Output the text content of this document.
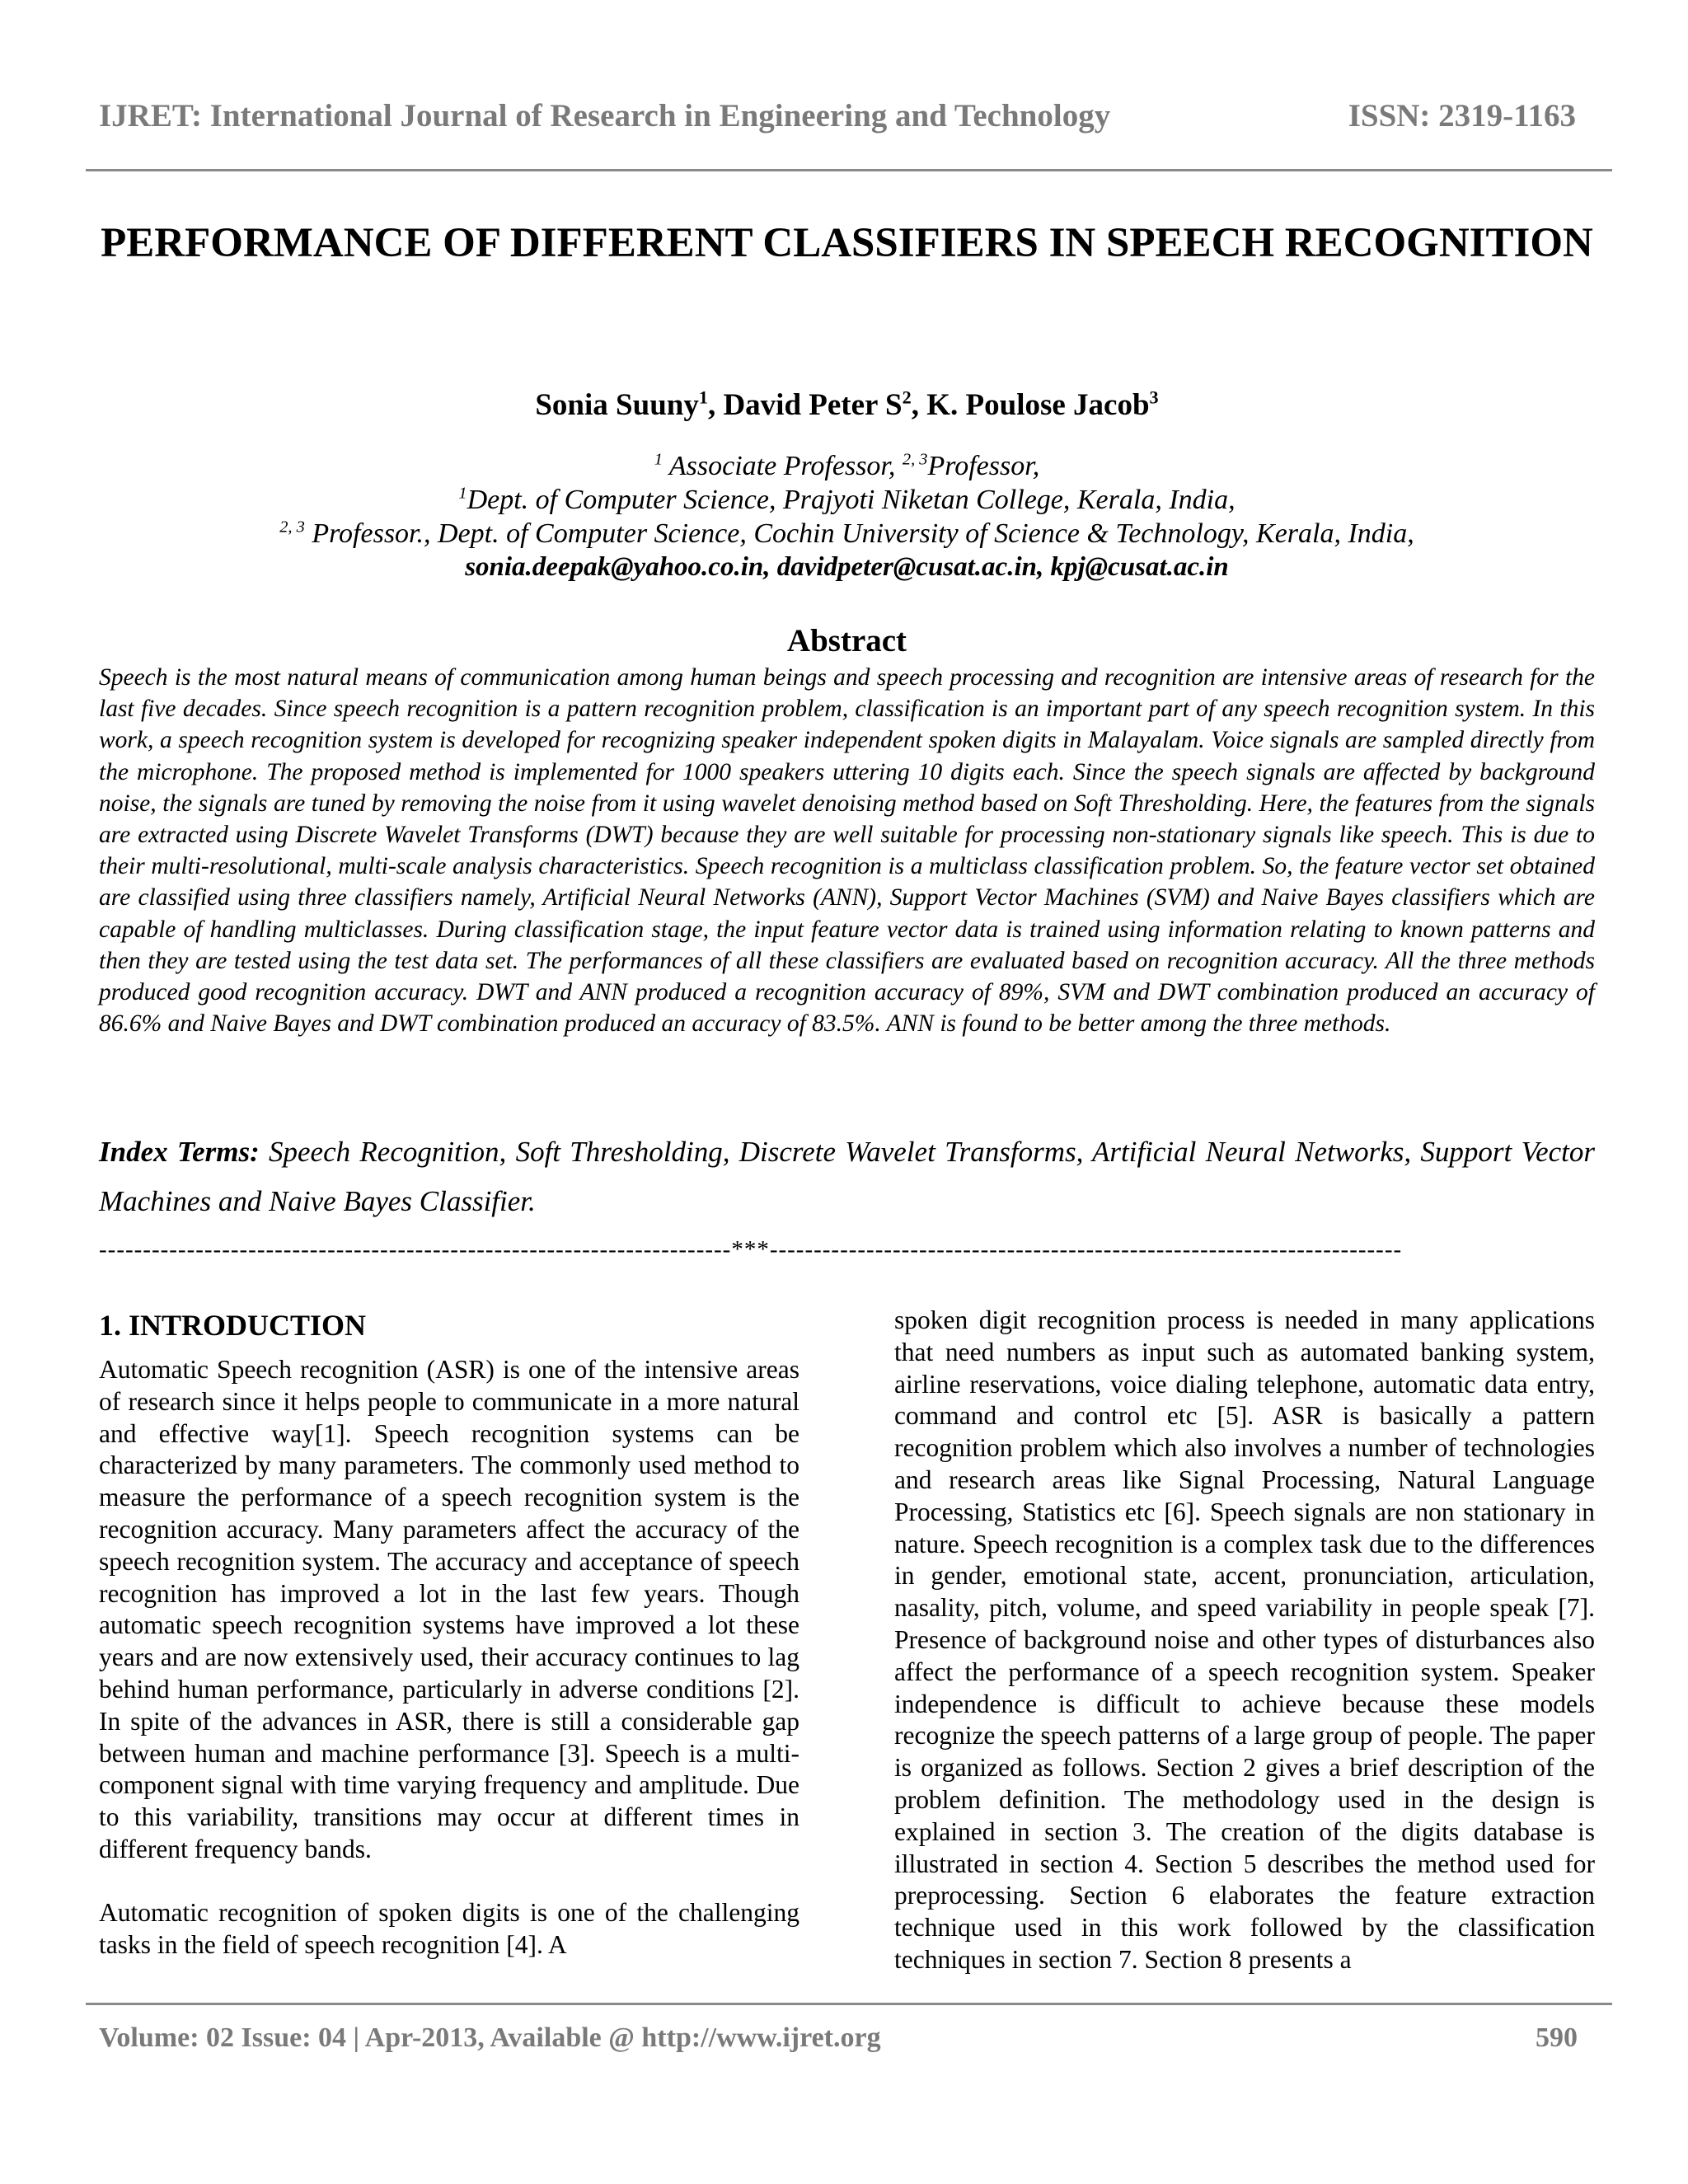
IJRET: International Journal of Research in Engineering and Technology	ISSN: 2319-1163
PERFORMANCE OF DIFFERENT CLASSIFIERS IN SPEECH RECOGNITION
Sonia Suuny$^1$, David Peter $S^2$, K. Poulose Jacob$^3$
$^1$ Associate Professor, $^{2, 3}$Professor,
$^1$Dept. of Computer Science, Prajyoti Niketan College, Kerala, India,
$^{2, 3}$ Professor., Dept. of Computer Science, Cochin University of Science & Technology, Kerala, India,
sonia.deepak@yahoo.co.in, davidpeter@cusat.ac.in, kpj@cusat.ac.in
Abstract
Speech is the most natural means of communication among human beings and speech processing and recognition are intensive areas of research for the last five decades. Since speech recognition is a pattern recognition problem, classification is an important part of any speech recognition system. In this work, a speech recognition system is developed for recognizing speaker independent spoken digits in Malayalam. Voice signals are sampled directly from the microphone. The proposed method is implemented for 1000 speakers uttering 10 digits each. Since the speech signals are affected by background noise, the signals are tuned by removing the noise from it using wavelet denoising method based on Soft Thresholding. Here, the features from the signals are extracted using Discrete Wavelet Transforms (DWT) because they are well suitable for processing non-stationary signals like speech. This is due to their multi-resolutional, multi-scale analysis characteristics. Speech recognition is a multiclass classification problem. So, the feature vector set obtained are classified using three classifiers namely, Artificial Neural Networks (ANN), Support Vector Machines (SVM) and Naive Bayes classifiers which are capable of handling multiclasses. During classification stage, the input feature vector data is trained using information relating to known patterns and then they are tested using the test data set. The performances of all these classifiers are evaluated based on recognition accuracy. All the three methods produced good recognition accuracy. DWT and ANN produced a recognition accuracy of 89%, SVM and DWT combination produced an accuracy of 86.6% and Naive Bayes and DWT combination produced an accuracy of 83.5%. ANN is found to be better among the three methods.
Index Terms: Speech Recognition, Soft Thresholding, Discrete Wavelet Transforms, Artificial Neural Networks, Support Vector Machines and Naive Bayes Classifier.
------------------------------------------------------------------------***------------------------------------------------------------------------
1. INTRODUCTION
Automatic Speech recognition (ASR) is one of the intensive areas of research since it helps people to communicate in a more natural and effective way[1]. Speech recognition systems can be characterized by many parameters. The commonly used method to measure the performance of a speech recognition system is the recognition accuracy. Many parameters affect the accuracy of the speech recognition system. The accuracy and acceptance of speech recognition has improved a lot in the last few years. Though automatic speech recognition systems have improved a lot these years and are now extensively used, their accuracy continues to lag behind human performance, particularly in adverse conditions [2]. In spite of the advances in ASR, there is still a considerable gap between human and machine performance [3]. Speech is a multi-component signal with time varying frequency and amplitude. Due to this variability, transitions may occur at different times in different frequency bands.
Automatic recognition of spoken digits is one of the challenging tasks in the field of speech recognition [4]. A
spoken digit recognition process is needed in many applications that need numbers as input such as automated banking system, airline reservations, voice dialing telephone, automatic data entry, command and control etc [5]. ASR is basically a pattern recognition problem which also involves a number of technologies and research areas like Signal Processing, Natural Language Processing, Statistics etc [6]. Speech signals are non stationary in nature. Speech recognition is a complex task due to the differences in gender, emotional state, accent, pronunciation, articulation, nasality, pitch, volume, and speed variability in people speak [7]. Presence of background noise and other types of disturbances also affect the performance of a speech recognition system. Speaker independence is difficult to achieve because these models recognize the speech patterns of a large group of people. The paper is organized as follows. Section 2 gives a brief description of the problem definition. The methodology used in the design is explained in section 3. The creation of the digits database is illustrated in section 4. Section 5 describes the method used for preprocessing. Section 6 elaborates the feature extraction technique used in this work followed by the classification techniques in section 7. Section 8 presents a
Volume: 02 Issue: 04 | Apr-2013, Available @ http://www.ijret.org	590
